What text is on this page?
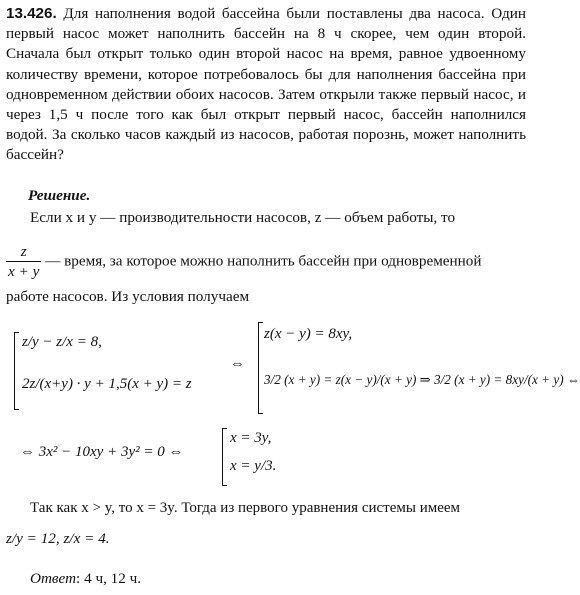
13.426. Для наполнения водой бассейна были поставлены два насоса. Один первый насос может наполнить бассейн на 8 ч скорее, чем один второй. Сначала был открыт только один второй насос на время, равное удвоенному количеству времени, которое потребовалось бы для наполнения бассейна при одновременном действии обоих насосов. Затем открыли также первый насос, и через 1,5 ч после того как был открыт первый насос, бассейн наполнился водой. За сколько часов каждый из насосов, работая порознь, может наполнить бассейн?
Решение.
Если x и y — производительности насосов, z — объем работы, то
$\frac{z}{x + y}$ — время, за которое можно наполнить бассейн при одновременной
работе насосов. Из условия получаем
z/y − z/x = 8,
2z/(x+y) · y + 1,5(x + y) = z
⇔
z(x − y) = 8xy,
3/2 (x + y) = z(x − y)/(x + y) ⇒ 3/2 (x + y) = 8xy/(x + y) ⇔
⇔ 3x² − 10xy + 3y² = 0 ⇔
x = 3y,
x = y/3.
Так как x > y, то x = 3y. Тогда из первого уравнения системы имеем
z/y = 12, z/x = 4.
Ответ: 4 ч, 12 ч.
